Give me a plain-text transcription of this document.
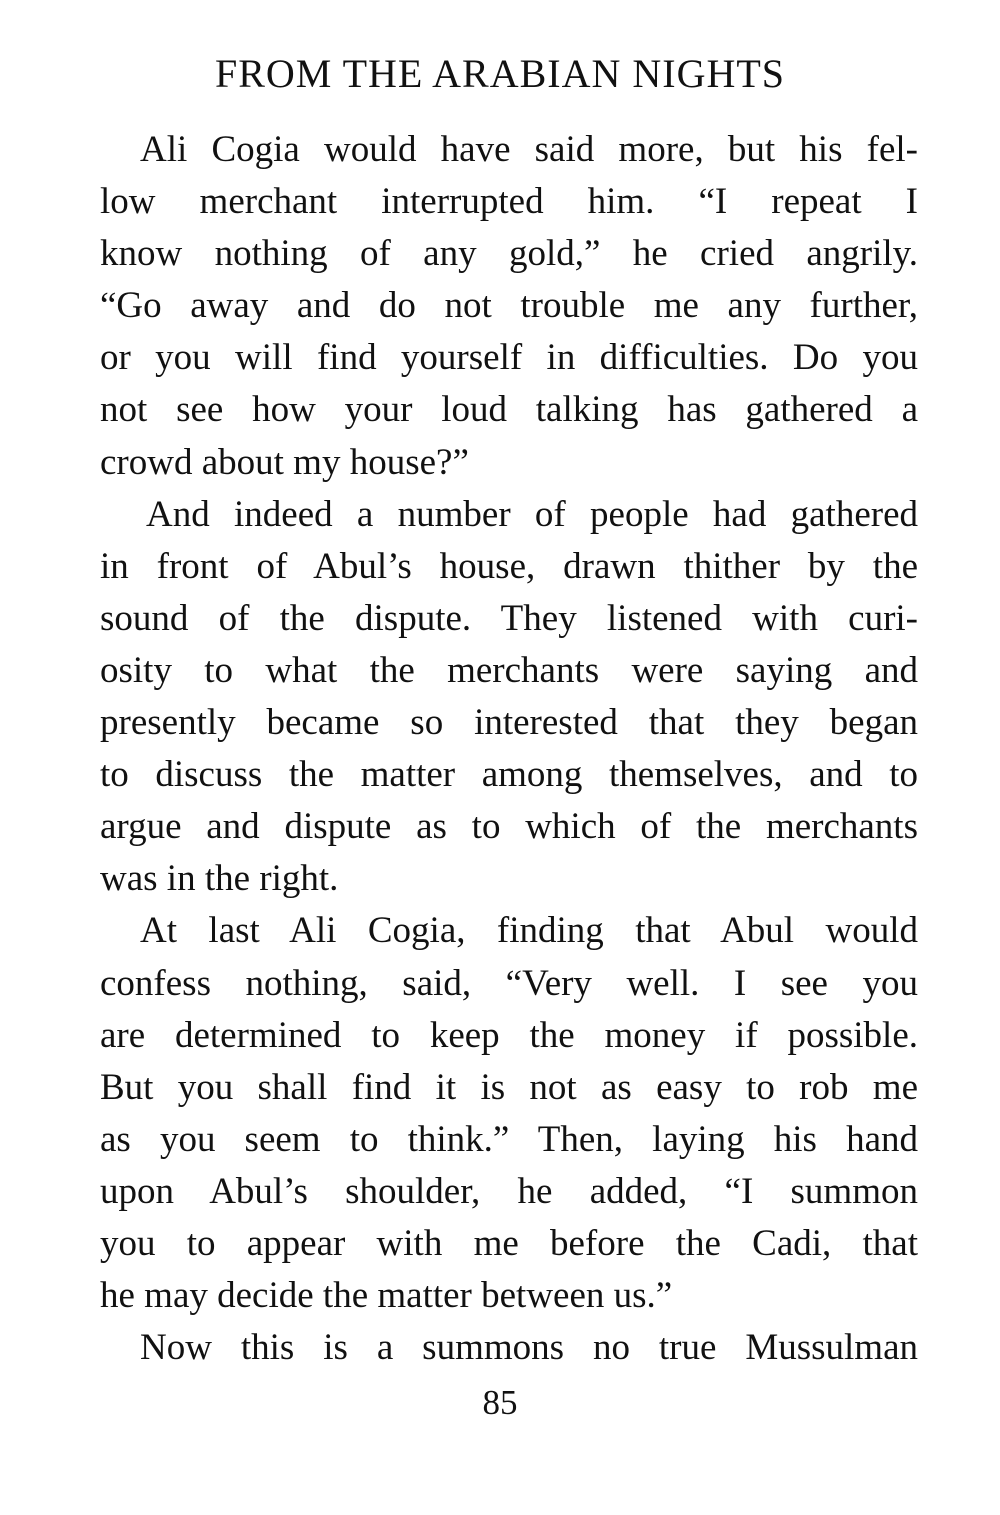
FROM THE ARABIAN NIGHTS
Ali Cogia would have said more, but his fel-
low merchant interrupted him. “I repeat I
know nothing of any gold,” he cried angrily.
“Go away and do not trouble me any further,
or you will find yourself in difficulties. Do you
not see how your loud talking has gathered a
crowd about my house?”
And indeed a number of people had gathered
in front of Abul’s house, drawn thither by the
sound of the dispute. They listened with curi-
osity to what the merchants were saying and
presently became so interested that they began
to discuss the matter among themselves, and to
argue and dispute as to which of the merchants
was in the right.
At last Ali Cogia, finding that Abul would
confess nothing, said, “Very well. I see you
are determined to keep the money if possible.
But you shall find it is not as easy to rob me
as you seem to think.” Then, laying his hand
upon Abul’s shoulder, he added, “I summon
you to appear with me before the Cadi, that
he may decide the matter between us.”
Now this is a summons no true Mussulman
85
